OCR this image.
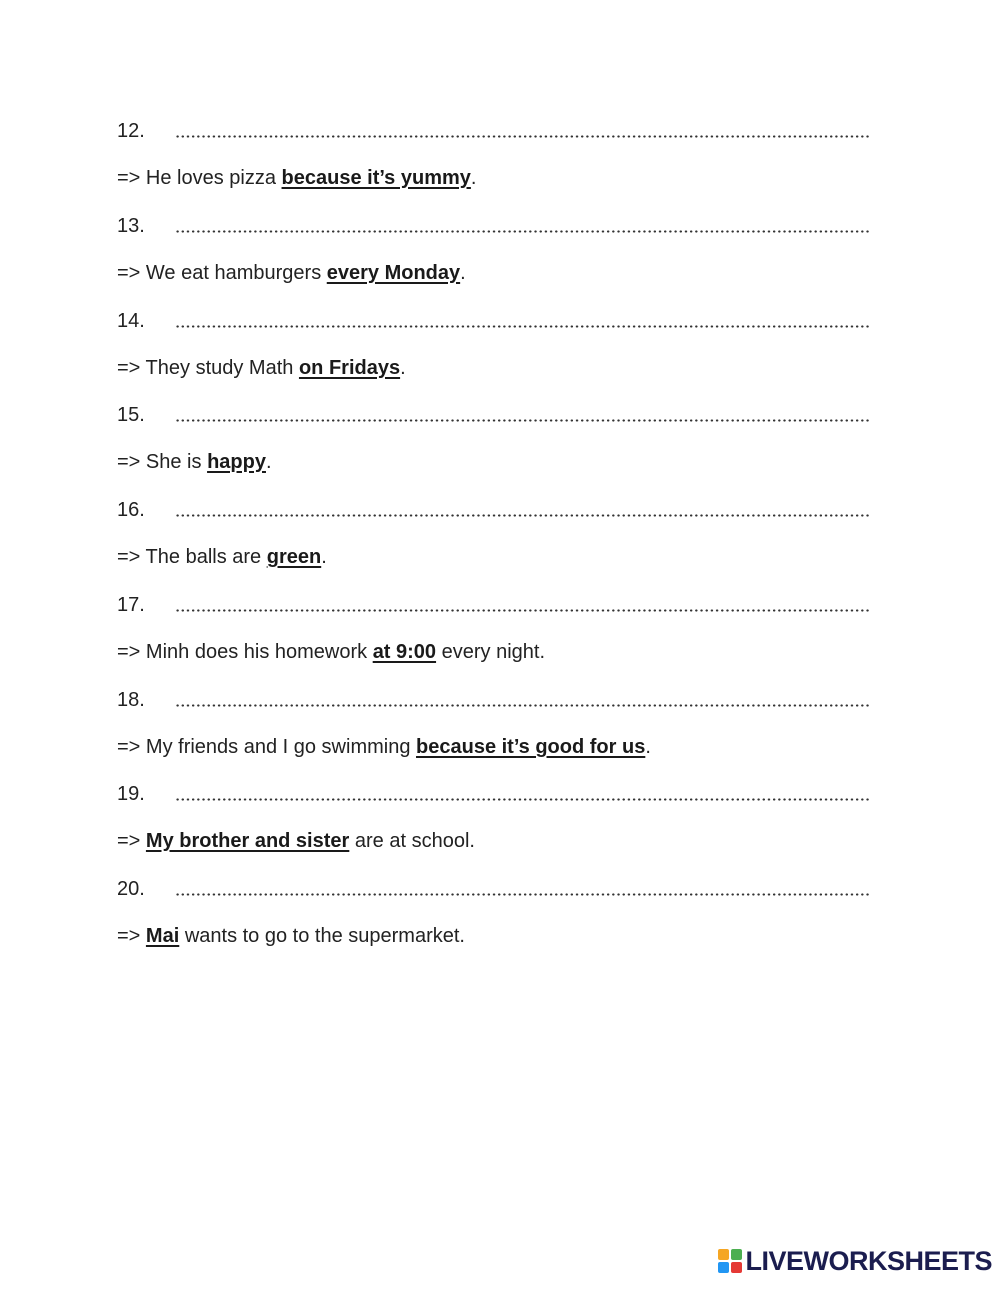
12.
=> He loves pizza because it’s yummy.
13.
=> We eat hamburgers every Monday.
14.
=> They study Math on Fridays.
15.
=> She is happy.
16.
=> The balls are green.
17.
=> Minh does his homework at 9:00 every night.
18.
=> My friends and I go swimming because it’s good for us.
19.
=> My brother and sister are at school.
20.
=> Mai wants to go to the supermarket.
LIVEWORKSHEETS
